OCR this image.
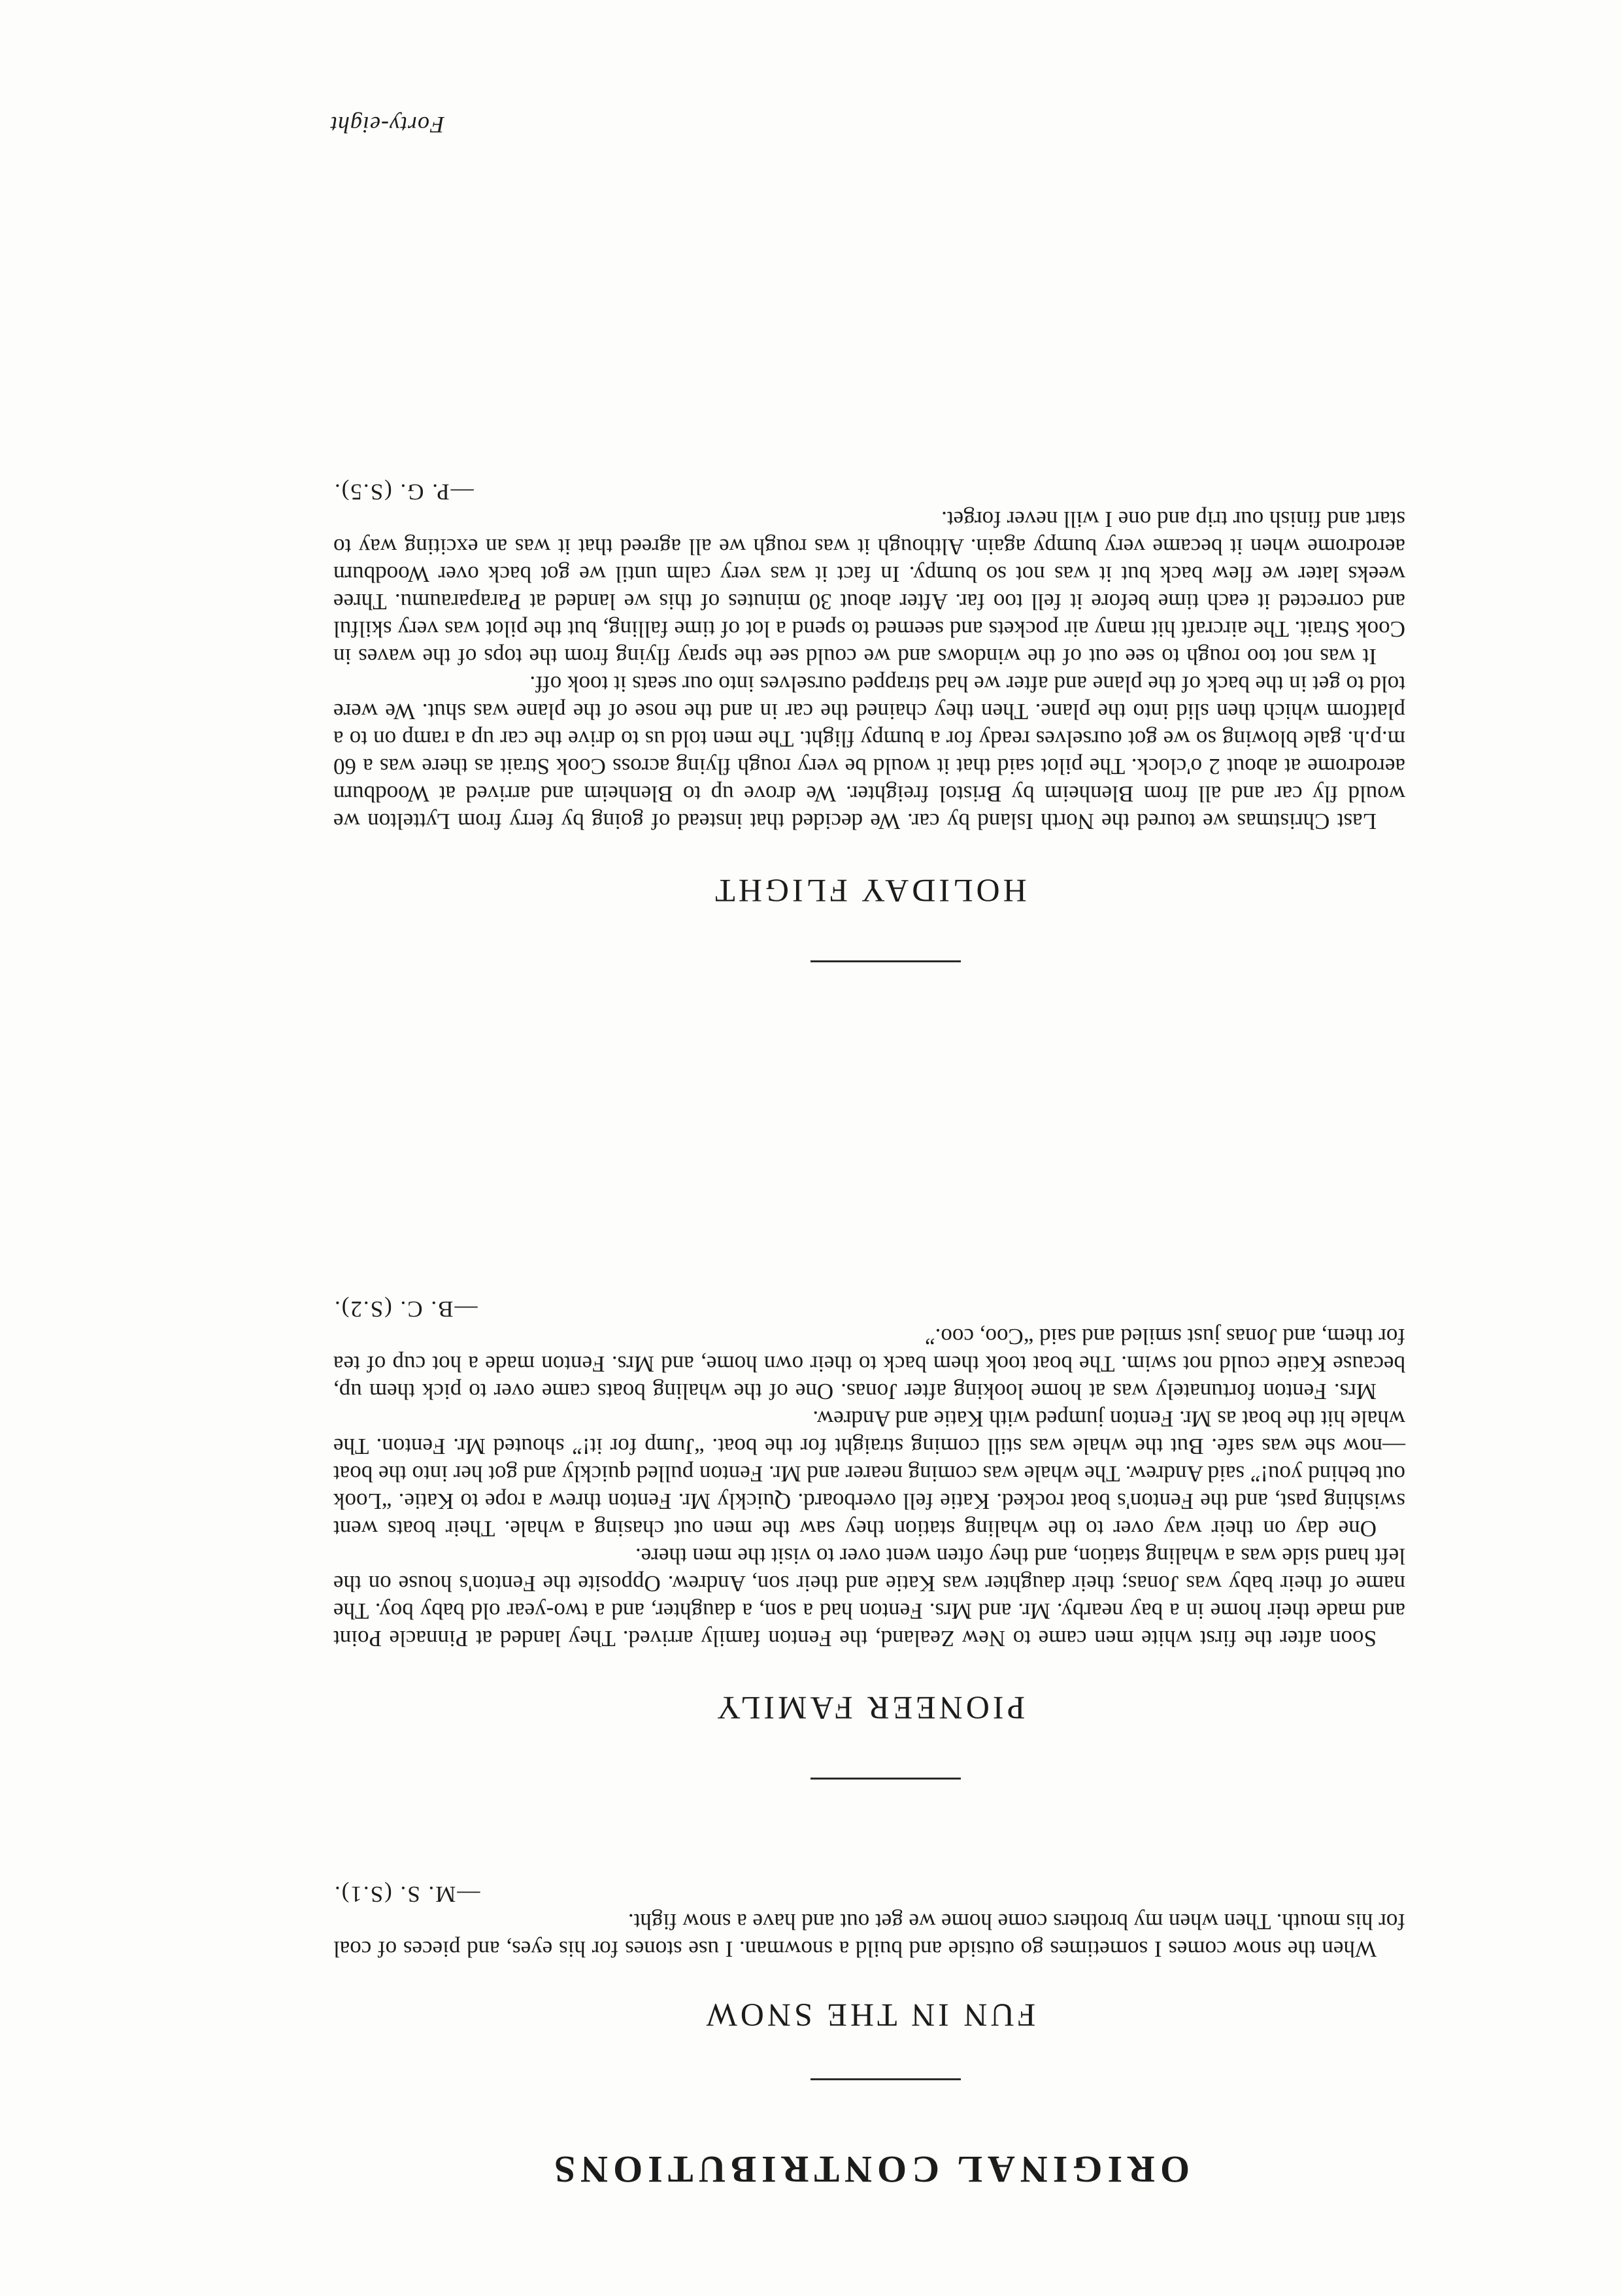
ORIGINAL CONTRIBUTIONS
FUN IN THE SNOW

When the snow comes I sometimes go outside and build a snowman. I use stones for his eyes, and pieces of coal for his mouth. Then when my brothers come home we get out and have a snow fight.

—M. S. (S.1).
PIONEER FAMILY

Soon after the first white men came to New Zealand, the Fenton family arrived. They landed at Pinnacle Point and made their home in a bay nearby. Mr. and Mrs. Fenton had a son, a daughter, and a two-year old baby boy. The name of their baby was Jonas; their daughter was Katie and their son, Andrew. Opposite the Fenton's house on the left hand side was a whaling station, and they often went over to visit the men there.

One day on their way over to the whaling station they saw the men out chasing a whale. Their boats went swishing past, and the Fenton's boat rocked. Katie fell overboard. Quickly Mr. Fenton threw a rope to Katie. “Look out behind you!” said Andrew. The whale was coming nearer and Mr. Fenton pulled quickly and got her into the boat—now she was safe. But the whale was still coming straight for the boat. “Jump for it!” shouted Mr. Fenton. The whale hit the boat as Mr. Fenton jumped with Katie and Andrew.

Mrs. Fenton fortunately was at home looking after Jonas. One of the whaling boats came over to pick them up, because Katie could not swim. The boat took them back to their own home, and Mrs. Fenton made a hot cup of tea for them, and Jonas just smiled and said “Coo, coo.”

—B. C. (S.2).
HOLIDAY FLIGHT

Last Christmas we toured the North Island by car. We decided that instead of going by ferry from Lyttelton we would fly car and all from Blenheim by Bristol freighter. We drove up to Blenheim and arrived at Woodburn aerodrome at about 2 o'clock. The pilot said that it would be very rough flying across Cook Strait as there was a 60 m.p.h. gale blowing so we got ourselves ready for a bumpy flight. The men told us to drive the car up a ramp on to a platform which then slid into the plane. Then they chained the car in and the nose of the plane was shut. We were told to get in the back of the plane and after we had strapped ourselves into our seats it took off.

It was not too rough to see out of the windows and we could see the spray flying from the tops of the waves in Cook Strait. The aircraft hit many air pockets and seemed to spend a lot of time falling, but the pilot was very skilful and corrected it each time before it fell too far. After about 30 minutes of this we landed at Paraparaumu. Three weeks later we flew back but it was not so bumpy. In fact it was very calm until we got back over Woodburn aerodrome when it became very bumpy again. Although it was rough we all agreed that it was an exciting way to start and finish our trip and one I will never forget.

—P. G. (S.5).
Forty-eight
